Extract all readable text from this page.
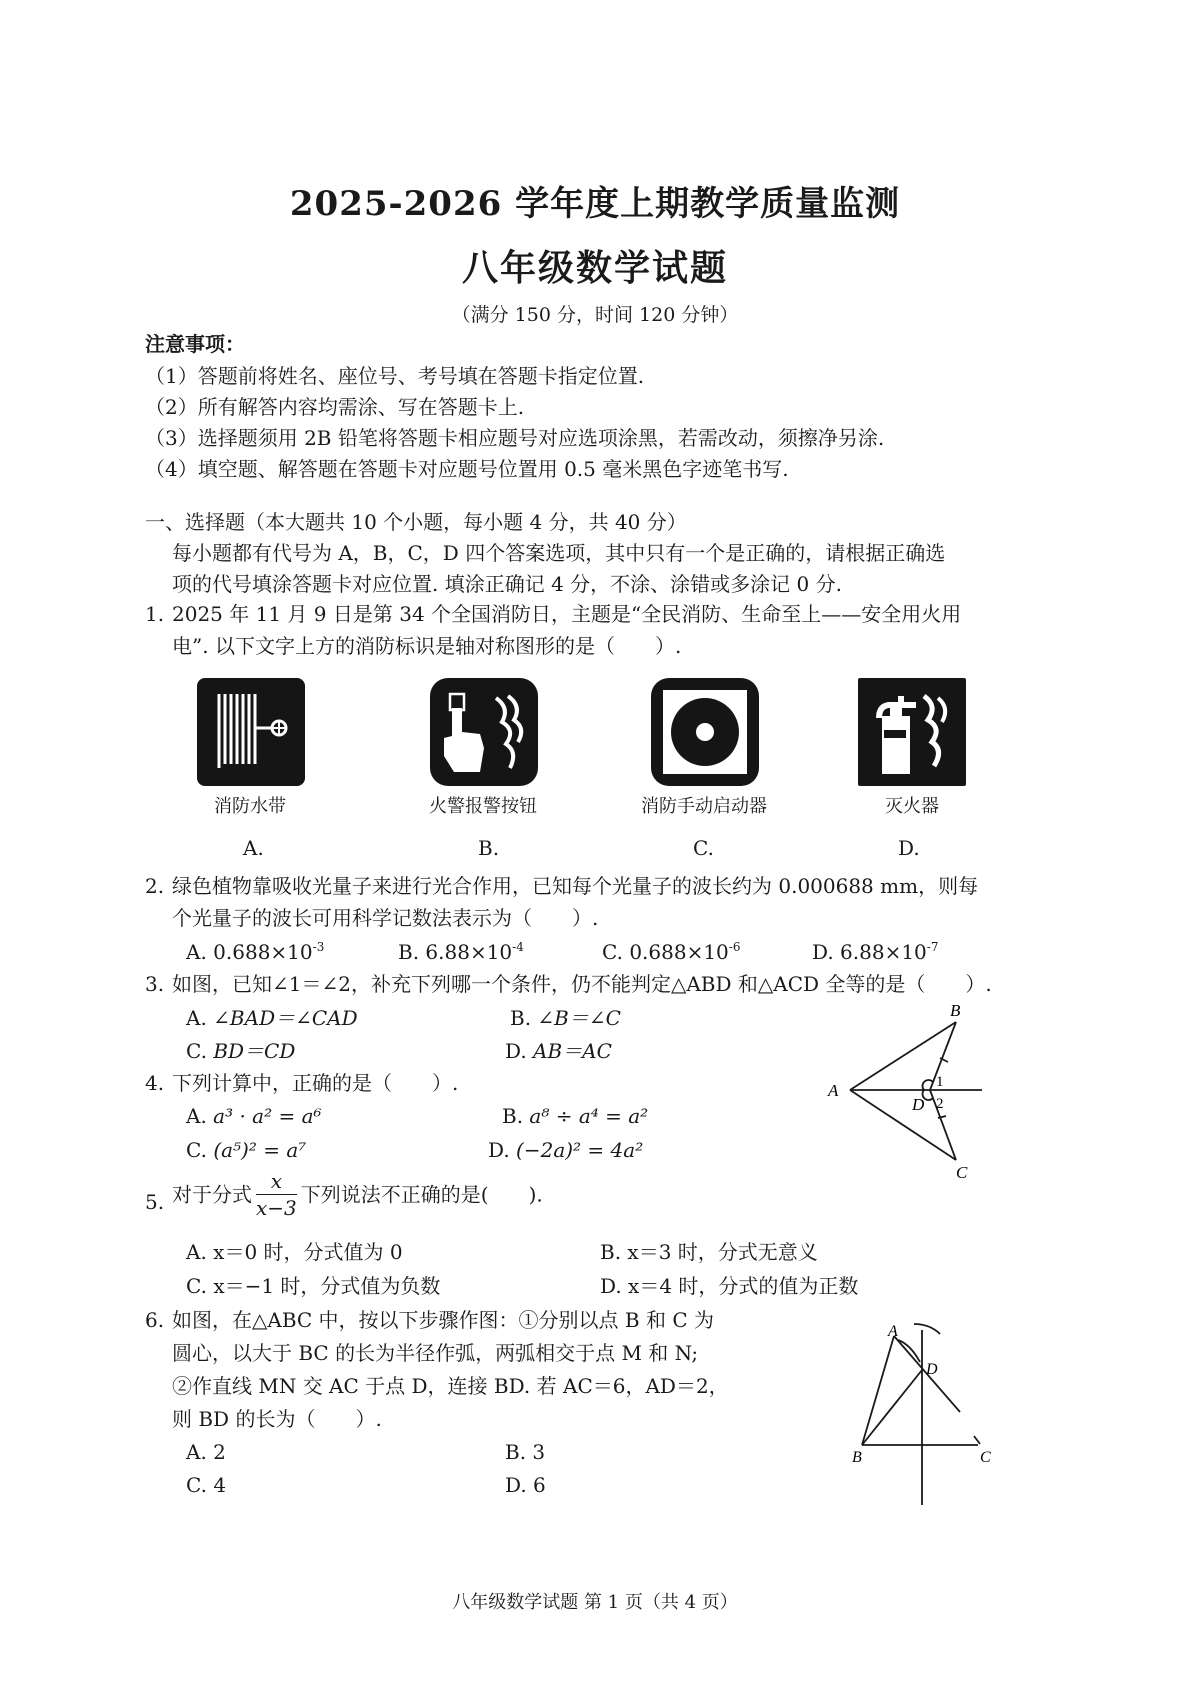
2025-2026 学年度上期教学质量监测
八年级数学试题
（满分 150 分，时间 120 分钟）
注意事项：
（1）答题前将姓名、座位号、考号填在答题卡指定位置.
（2）所有解答内容均需涂、写在答题卡上.
（3）选择题须用 2B 铅笔将答题卡相应题号对应选项涂黑，若需改动，须擦净另涂.
（4）填空题、解答题在答题卡对应题号位置用 0.5 毫米黑色字迹笔书写.
一、选择题（本大题共 10 个小题，每小题 4 分，共 40 分）
每小题都有代号为 A，B，C，D 四个答案选项，其中只有一个是正确的，请根据正确选
项的代号填涂答题卡对应位置. 填涂正确记 4 分，不涂、涂错或多涂记 0 分.
1. 2025 年 11 月 9 日是第 34 个全国消防日，主题是“全民消防、生命至上——安全用火用
电”. 以下文字上方的消防标识是轴对称图形的是（　　）.
消防水带
A.
火警报警按钮
B.
消防手动启动器
C.
灭火器
D.
2. 绿色植物靠吸收光量子来进行光合作用，已知每个光量子的波长约为 0.000688 mm，则每
个光量子的波长可用科学记数法表示为（　　）.
A. $0.688\times 10^{-3}$	B. $6.88\times 10^{-4}$	C. $0.688\times 10^{-6}$	D. $6.88\times 10^{-7}$
3. 如图，已知∠1＝∠2，补充下列哪一个条件，仍不能判定△ABD 和△ACD 全等的是（　　）.
A. ∠BAD＝∠CAD	B. ∠B＝∠C
C. BD＝CD	D. AB＝AC
B
A
D
C
1
2
4. 下列计算中，正确的是（　　）.
A. a³ · a² = a⁶	B. a⁸ ÷ a⁴ = a²
C. (a⁵)² = a⁷	D. (−2a)² = 4a²
5. 对于分式 $\frac{x}{x-3}$ 下列说法不正确的是(　　).
A. x＝0 时，分式值为 0	B. x＝3 时，分式无意义
C. x＝−1 时，分式值为负数	D. x＝4 时，分式的值为正数
6. 如图，在△ABC 中，按以下步骤作图：①分别以点 B 和 C 为
圆心，以大于 BC 的长为半径作弧，两弧相交于点 M 和 N;
②作直线 MN 交 AC 于点 D，连接 BD. 若 AC＝6，AD＝2，
则 BD 的长为（　　）.
A. 2	B. 3
C. 4	D. 6
A
D
B	C
八年级数学试题 第 1 页（共 4 页）
